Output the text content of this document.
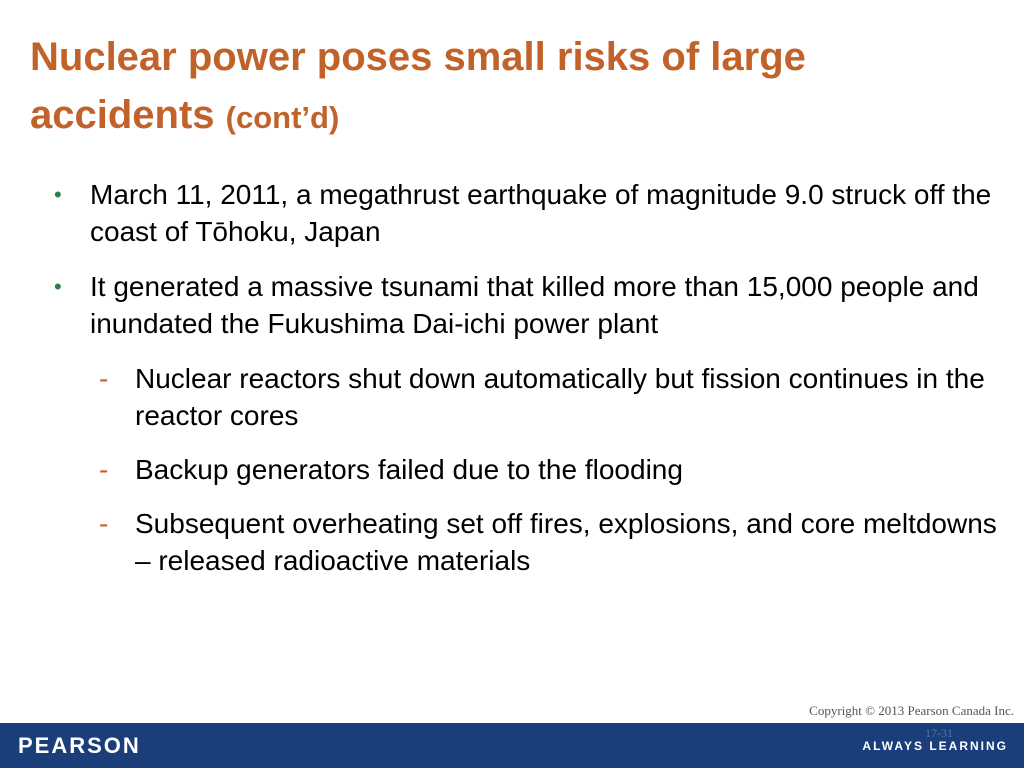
Nuclear power poses small risks of large accidents (cont’d)
•	March 11, 2011, a megathrust earthquake of magnitude 9.0 struck off the coast of Tōhoku, Japan
•	It generated a massive tsunami that killed more than 15,000 people and inundated the Fukushima Dai-ichi power plant
- Nuclear reactors shut down automatically but fission continues in the reactor cores
- Backup generators failed due to the flooding
- Subsequent overheating set off fires, explosions, and core meltdowns – released radioactive materials
Copyright © 2013 Pearson Canada Inc.
PEARSON	17-31
ALWAYS LEARNING
